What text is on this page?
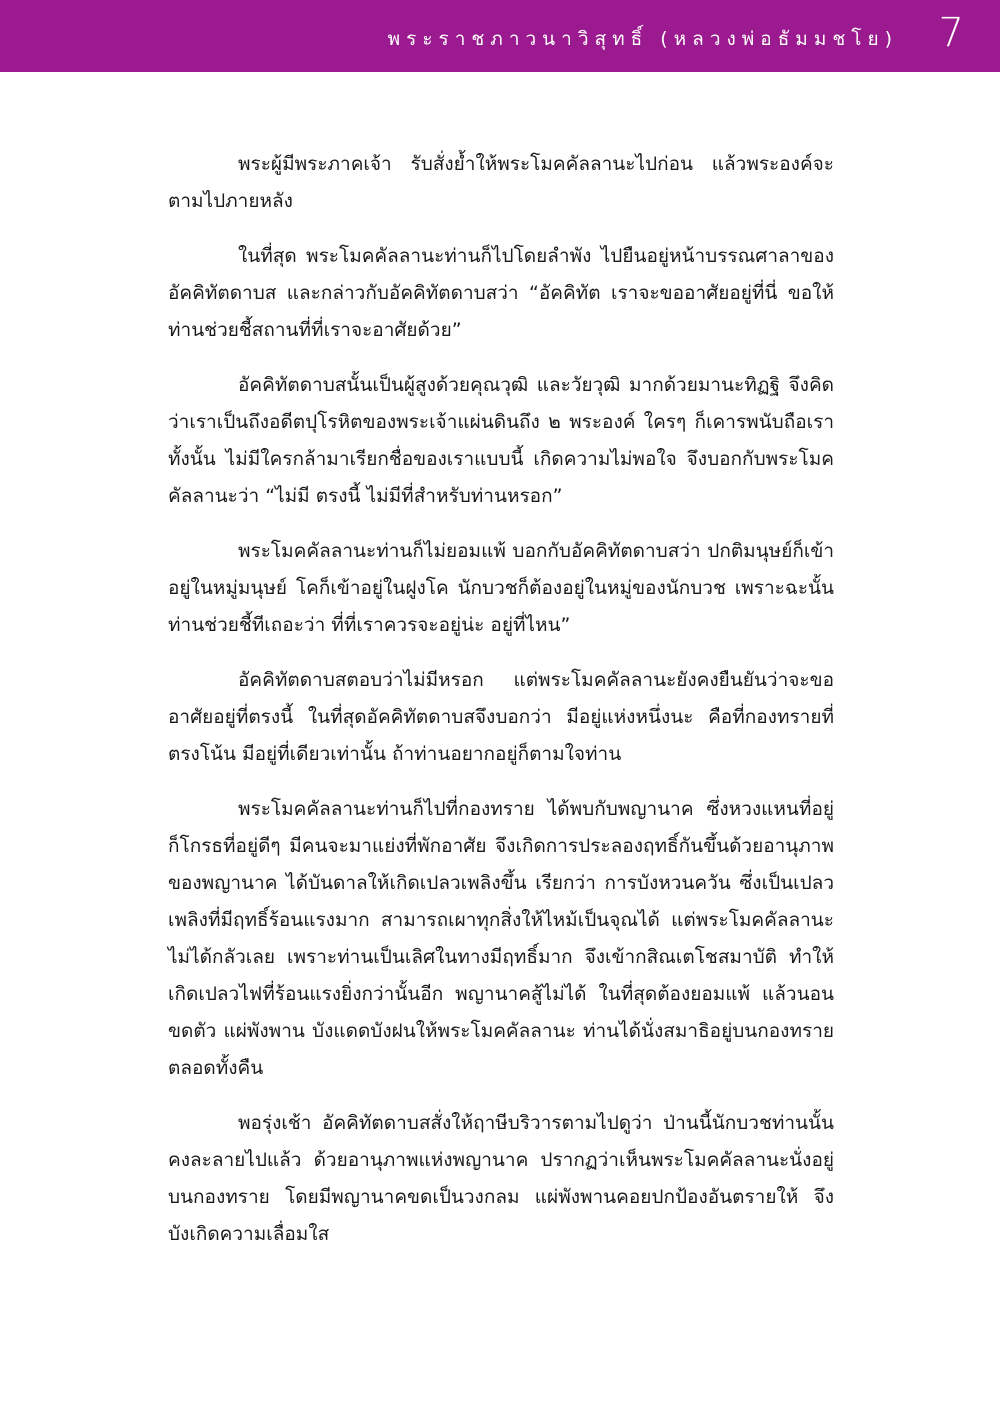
พระราชภาวนาวิสุทธิ์ (หลวงพ่อธัมมชโย) 7

พระผู้มีพระภาคเจ้า รับสั่งย้ำให้พระโมคคัลลานะไปก่อน แล้วพระองค์จะตามไปภายหลัง

ในที่สุด พระโมคคัลลานะท่านก็ไปโดยลำพัง ไปยืนอยู่หน้าบรรณศาลาของอัคคิทัตดาบส และกล่าวกับอัคคิทัตดาบสว่า “อัคคิทัต เราจะขออาศัยอยู่ที่นี่ ขอให้ท่านช่วยชี้สถานที่ที่เราจะอาศัยด้วย”

อัคคิทัตดาบสนั้นเป็นผู้สูงด้วยคุณวุฒิ และวัยวุฒิ มากด้วยมานะทิฏฐิ จึงคิดว่าเราเป็นถึงอดีตปุโรหิตของพระเจ้าแผ่นดินถึง ๒ พระองค์ ใครๆ ก็เคารพนับถือเราทั้งนั้น ไม่มีใครกล้ามาเรียกชื่อของเราแบบนี้ เกิดความไม่พอใจ จึงบอกกับพระโมคคัลลานะว่า “ไม่มี ตรงนี้ ไม่มีที่สำหรับท่านหรอก”

พระโมคคัลลานะท่านก็ไม่ยอมแพ้ บอกกับอัคคิทัตดาบสว่า ปกติมนุษย์ก็เข้าอยู่ในหมู่มนุษย์ โคก็เข้าอยู่ในฝูงโค นักบวชก็ต้องอยู่ในหมู่ของนักบวช เพราะฉะนั้นท่านช่วยชี้ทีเถอะว่า ที่ที่เราควรจะอยู่น่ะ อยู่ที่ไหน”

อัคคิทัตดาบสตอบว่าไม่มีหรอก แต่พระโมคคัลลานะยังคงยืนยันว่าจะขออาศัยอยู่ที่ตรงนี้ ในที่สุดอัคคิทัตดาบสจึงบอกว่า มีอยู่แห่งหนึ่งนะ คือที่กองทรายที่ตรงโน้น มีอยู่ที่เดียวเท่านั้น ถ้าท่านอยากอยู่ก็ตามใจท่าน

พระโมคคัลลานะท่านก็ไปที่กองทราย ได้พบกับพญานาค ซึ่งหวงแหนที่อยู่ ก็โกรธที่อยู่ดีๆ มีคนจะมาแย่งที่พักอาศัย จึงเกิดการประลองฤทธิ์กันขึ้นด้วยอานุภาพของพญานาค ได้บันดาลให้เกิดเปลวเพลิงขึ้น เรียกว่า การบังหวนควัน ซึ่งเป็นเปลวเพลิงที่มีฤทธิ์ร้อนแรงมาก สามารถเผาทุกสิ่งให้ไหม้เป็นจุณได้ แต่พระโมคคัลลานะ ไม่ได้กลัวเลย เพราะท่านเป็นเลิศในทางมีฤทธิ์มาก จึงเข้ากสิณเตโชสมาบัติ ทำให้เกิดเปลวไฟที่ร้อนแรงยิ่งกว่านั้นอีก พญานาคสู้ไม่ได้ ในที่สุดต้องยอมแพ้ แล้วนอนขดตัว แผ่พังพาน บังแดดบังฝนให้พระโมคคัลลานะ ท่านได้นั่งสมาธิอยู่บนกองทรายตลอดทั้งคืน

พอรุ่งเช้า อัคคิทัตดาบสสั่งให้ฤาษีบริวารตามไปดูว่า ป่านนี้นักบวชท่านนั้นคงละลายไปแล้ว ด้วยอานุภาพแห่งพญานาค ปรากฏว่าเห็นพระโมคคัลลานะนั่งอยู่บนกองทราย โดยมีพญานาคขดเป็นวงกลม แผ่พังพานคอยปกป้องอันตรายให้ จึงบังเกิดความเลื่อมใส
